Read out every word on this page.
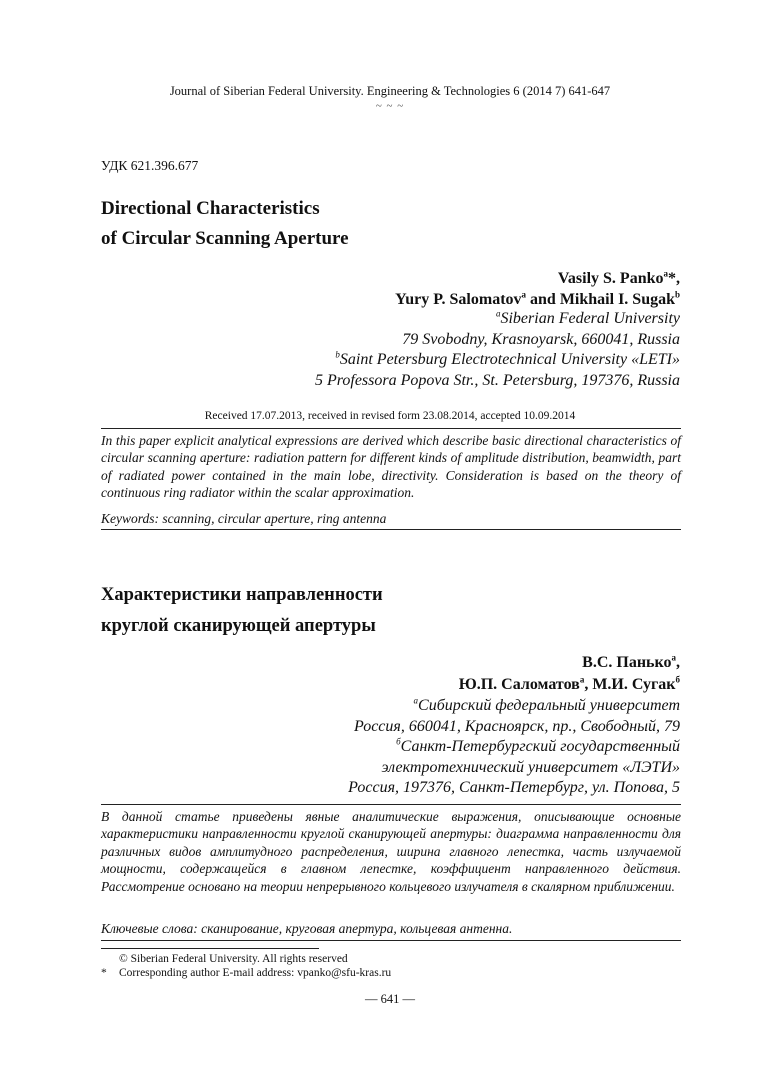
Journal of Siberian Federal University. Engineering & Technologies 6 (2014 7) 641-647
~ ~ ~
УДК 621.396.677
Directional Characteristics
of Circular Scanning Aperture
Vasily S. Panko$^a$*,
Yury P. Salomatov$^a$ and Mikhail I. Sugak$^b$
$^a$Siberian Federal University
79 Svobodny, Krasnoyarsk, 660041, Russia
$^b$Saint Petersburg Electrotechnical University «LETI»
5 Professora Popova Str., St. Petersburg, 197376, Russia
Received 17.07.2013, received in revised form 23.08.2014, accepted 10.09.2014
In this paper explicit analytical expressions are derived which describe basic directional characteristics of circular scanning aperture: radiation pattern for different kinds of amplitude distribution, beamwidth, part of radiated power contained in the main lobe, directivity. Consideration is based on the theory of continuous ring radiator within the scalar approximation.
Keywords: scanning, circular aperture, ring antenna
Характеристики направленности
круглой сканирующей апертуры
В.С. Панько$^а$,
Ю.П. Саломатов$^а$, М.И. Сугак$^б$
$^а$Сибирский федеральный университет
Россия, 660041, Красноярск, пр., Свободный, 79
$^б$Санкт-Петербургский государственный
электротехнический университет «ЛЭТИ»
Россия, 197376, Санкт-Петербург, ул. Попова, 5
В данной статье приведены явные аналитические выражения, описывающие основные характеристики направленности круглой сканирующей апертуры: диаграмма направленности для различных видов амплитудного распределения, ширина главного лепестка, часть излучаемой мощности, содержащейся в главном лепестке, коэффициент направленного действия. Рассмотрение основано на теории непрерывного кольцевого излучателя в скалярном приближении.
Ключевые слова: сканирование, круговая апертура, кольцевая антенна.
© Siberian Federal University. All rights reserved
* Corresponding author E-mail address: vpanko@sfu-kras.ru
— 641 —
